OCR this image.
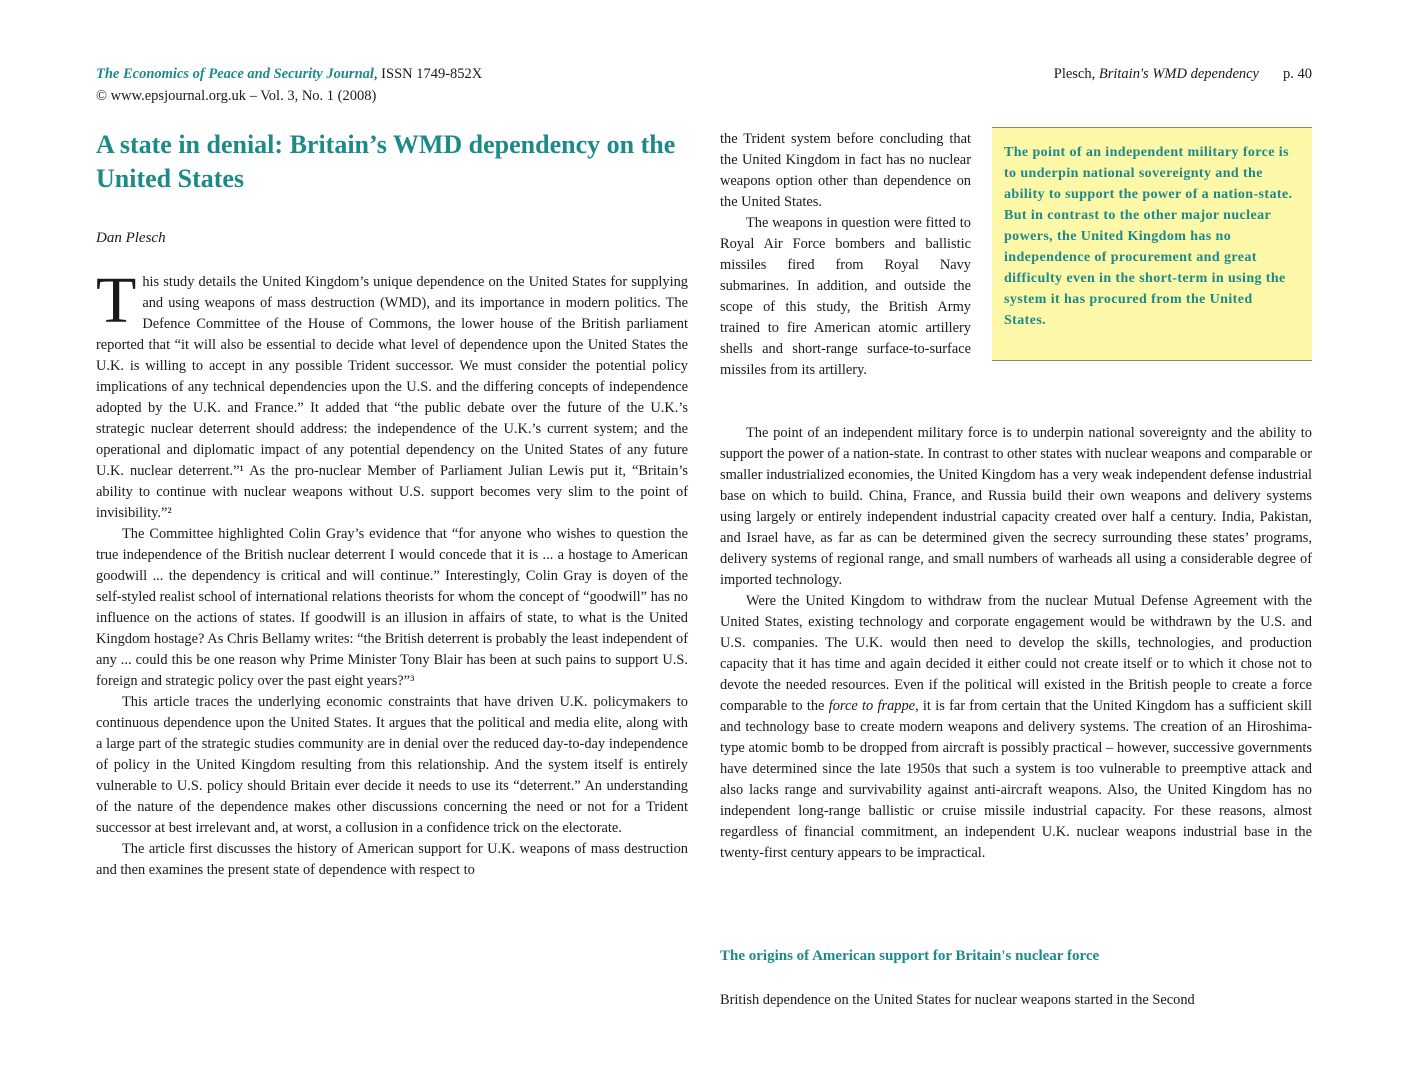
The Economics of Peace and Security Journal, ISSN 1749-852X
© www.epsjournal.org.uk – Vol. 3, No. 1 (2008)
Plesch, Britain's WMD dependency p. 40
A state in denial: Britain’s WMD dependency on the United States
Dan Plesch

This study details the United Kingdom’s unique dependence on the United States for supplying and using weapons of mass destruction (WMD), and its importance in modern politics. The Defence Committee of the House of Commons, the lower house of the British parliament reported that “it will also be essential to decide what level of dependence upon the United States the U.K. is willing to accept in any possible Trident successor. We must consider the potential policy implications of any technical dependencies upon the U.S. and the differing concepts of independence adopted by the U.K. and France.” It added that “the public debate over the future of the U.K.’s strategic nuclear deterrent should address: the independence of the U.K.’s current system; and the operational and diplomatic impact of any potential dependency on the United States of any future U.K. nuclear deterrent.”¹ As the pro-nuclear Member of Parliament Julian Lewis put it, “Britain’s ability to continue with nuclear weapons without U.S. support becomes very slim to the point of invisibility.”²

The Committee highlighted Colin Gray’s evidence that “for anyone who wishes to question the true independence of the British nuclear deterrent I would concede that it is ... a hostage to American goodwill ... the dependency is critical and will continue.” Interestingly, Colin Gray is doyen of the self-styled realist school of international relations theorists for whom the concept of “goodwill” has no influence on the actions of states. If goodwill is an illusion in affairs of state, to what is the United Kingdom hostage? As Chris Bellamy writes: “the British deterrent is probably the least independent of any ... could this be one reason why Prime Minister Tony Blair has been at such pains to support U.S. foreign and strategic policy over the past eight years?”³

This article traces the underlying economic constraints that have driven U.K. policymakers to continuous dependence upon the United States. It argues that the political and media elite, along with a large part of the strategic studies community are in denial over the reduced day-to-day independence of policy in the United Kingdom resulting from this relationship. And the system itself is entirely vulnerable to U.S. policy should Britain ever decide it needs to use its “deterrent.” An understanding of the nature of the dependence makes other discussions concerning the need or not for a Trident successor at best irrelevant and, at worst, a collusion in a confidence trick on the electorate.

The article first discusses the history of American support for U.K. weapons of mass destruction and then examines the present state of dependence with respect to

the Trident system before concluding that the United Kingdom in fact has no nuclear weapons option other than dependence on the United States.

The weapons in question were fitted to Royal Air Force bombers and ballistic missiles fired from Royal Navy submarines. In addition, and outside the scope of this study, the British Army trained to fire American atomic artillery shells and short-range surface-to-surface missiles from its artillery.

The point of an independent military force is to underpin national sovereignty and the ability to support the power of a nation-state. But in contrast to the other major nuclear powers, the United Kingdom has no independence of procurement and great difficulty even in the short-term in using the system it has procured from the United States.

The point of an independent military force is to underpin national sovereignty and the ability to support the power of a nation-state. In contrast to other states with nuclear weapons and comparable or smaller industrialized economies, the United Kingdom has a very weak independent defense industrial base on which to build. China, France, and Russia build their own weapons and delivery systems using largely or entirely independent industrial capacity created over half a century. India, Pakistan, and Israel have, as far as can be determined given the secrecy surrounding these states’ programs, delivery systems of regional range, and small numbers of warheads all using a considerable degree of imported technology.

Were the United Kingdom to withdraw from the nuclear Mutual Defense Agreement with the United States, existing technology and corporate engagement would be withdrawn by the U.S. and U.S. companies. The U.K. would then need to develop the skills, technologies, and production capacity that it has time and again decided it either could not create itself or to which it chose not to devote the needed resources. Even if the political will existed in the British people to create a force comparable to the force to frappe, it is far from certain that the United Kingdom has a sufficient skill and technology base to create modern weapons and delivery systems. The creation of an Hiroshima-type atomic bomb to be dropped from aircraft is possibly practical – however, successive governments have determined since the late 1950s that such a system is too vulnerable to preemptive attack and also lacks range and survivability against anti-aircraft weapons. Also, the United Kingdom has no independent long-range ballistic or cruise missile industrial capacity. For these reasons, almost regardless of financial commitment, an independent U.K. nuclear weapons industrial base in the twenty-first century appears to be impractical.

The origins of American support for Britain's nuclear force

British dependence on the United States for nuclear weapons started in the Second
